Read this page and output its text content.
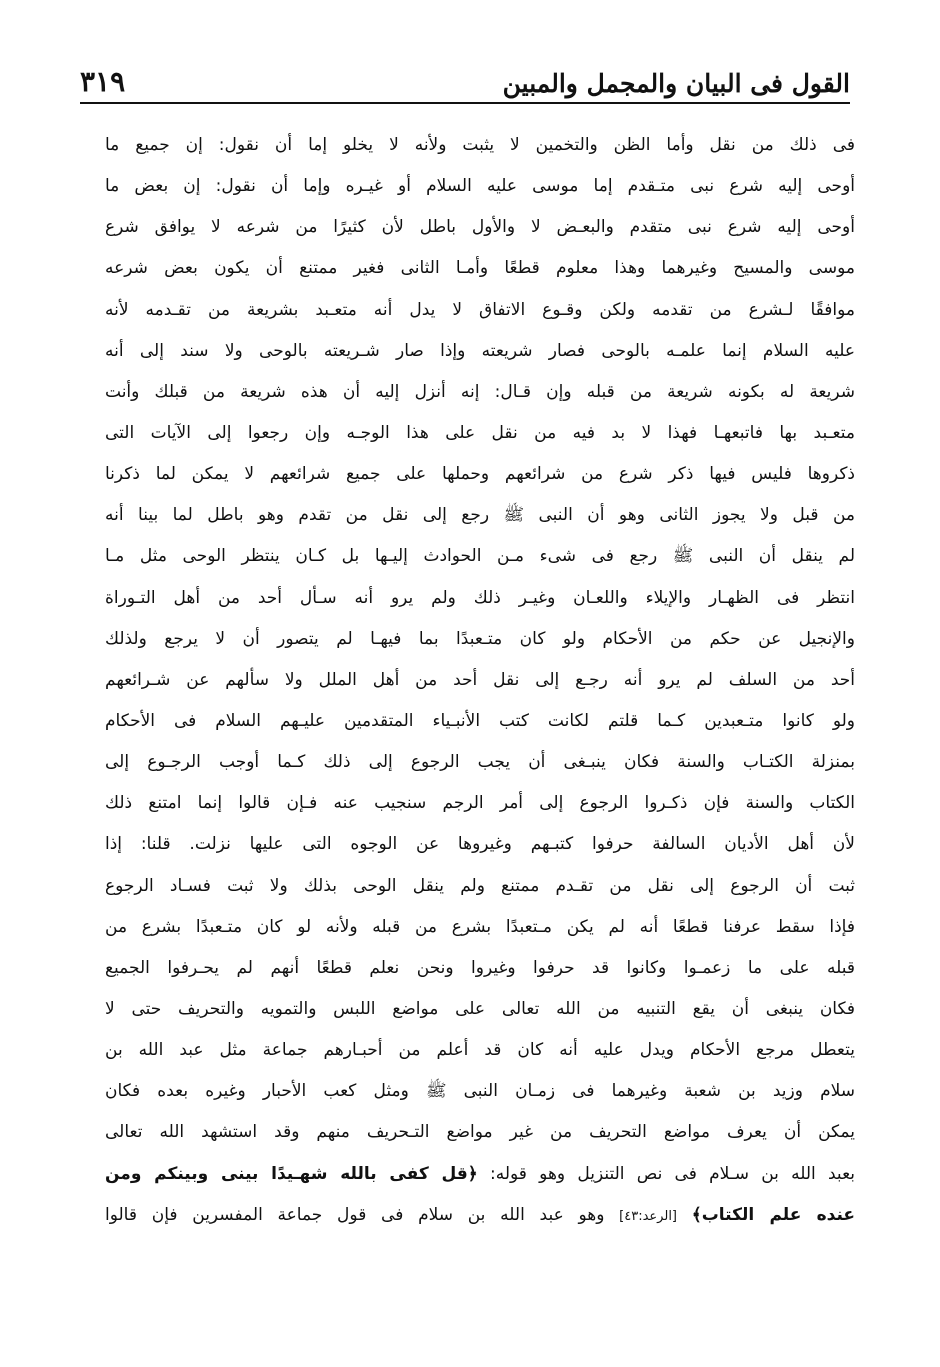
٣١٩	القول فى البيان والمجمل والمبين
فى ذلك من نقل وأما الظن والتخمين لا يثبت ولأنه لا يخلو إما أن نقول: إن جميع ما
أوحى إليه شرع نبى متـقدم إما موسى عليه السلام أو غيـره وإما أن نقول: إن بعض ما
أوحى إليه شرع نبى متقدم والبعـض لا والأول باطل لأن كثيرًا من شرعه لا يوافق شرع
موسى والمسيح وغيرهما وهذا معلوم قطعًا وأمـا الثانى فغير ممتنع أن يكون بعض شرعه
موافقًا لـشرع من تقدمه ولكن وقـوع الاتفاق لا يدل أنه متعـبد بشريعة من تقـدمه لأنه
عليه السلام إنما علمـه بالوحى فصار شريعته وإذا صار شـريعته بالوحى ولا سند إلى أنه
شريعة له بكونه شريعة من قبله وإن قـال: إنه أنزل إليه أن هذه شريعة من قبلك وأنت
متعـبد بها فاتبعهـا فهذا لا بد فيه من نقل على هذا الوجـه وإن رجعوا إلى الآيات التى
ذكروها فليس فيها ذكر شرع من شرائعهم وحملها على جميع شرائعهم لا يمكن لما ذكرنا
من قبل ولا يجوز الثانى وهو أن النبى ﷺ رجع إلى نقل من تقدم وهو باطل لما بينا أنه
لم ينقل أن النبى ﷺ رجع فى شىء مـن الحوادث إليـها بل كـان ينتظر الوحى مثل مـا
انتظر فى الظهـار والإيلاء واللعـان وغيـر ذلك ولم يرو أنه سـأل أحد من أهل التـوراة
والإنجيل عن حكم من الأحكام ولو كان متـعبدًا بما فيهـا لم يتصور أن لا يرجع ولذلك
أحد من السلف لم يرو أنه رجـع إلى نقل أحد من أهل الملل ولا سألهم عن شـرائعهم
ولو كانوا متـعبدين كـما قلتم لكانت كتب الأنبـياء المتقدمين عليـهم السلام فى الأحكام
بمنزلة الكتـاب والسنة فكان ينبـغى أن يجب الرجوع إلى ذلك كـما أوجب الرجـوع إلى
الكتاب والسنة فإن ذكـروا الرجوع إلى أمر الرجم سنجيب عنه فـإن قالوا إنما امتنع ذلك
لأن أهل الأديان السالفة حرفوا كتبـهم وغيروها عن الوجوه التى عليها نزلت. قلنا: إذا
ثبت أن الرجوع إلى نقل من تقـدم ممتنع ولم ينقل الوحى بذلك ولا ثبت فسـاد الرجوع
فإذا سقط عرفنا قطعًا أنه لم يكن مـتعبدًا بشرع من قبله ولأنه لو كان متـعبدًا بشرع من
قبله على ما زعمـوا وكانوا قد حرفوا وغيروا ونحن نعلم قطعًا أنهم لم يحـرفوا الجميع
فكان ينبغى أن يقع التنبيه من الله تعالى على مواضع اللبس والتمويه والتحريف حتى لا
يتعطل مرجع الأحكام ويدل عليه أنه كان قد أعلم من أحبـارهم جماعة مثل عبد الله بن
سلام وزيد بن شعبة وغيرهما فى زمـان النبى ﷺ ومثل كعب الأحبار وغيره بعده فكان
يمكن أن يعرف مواضع التحريف من غير مواضع التـحريف منهم وقد استشهد الله تعالى
بعبد الله بن سـلام فى نص التنزيل وهو قوله: ﴿قل كفى بالله شهـيدًا بينى وبينكم ومن
عنده علم الكتاب﴾ [الرعد:٤٣] وهو عبد الله بن سلام فى قول جماعة المفسرين فإن قالوا
